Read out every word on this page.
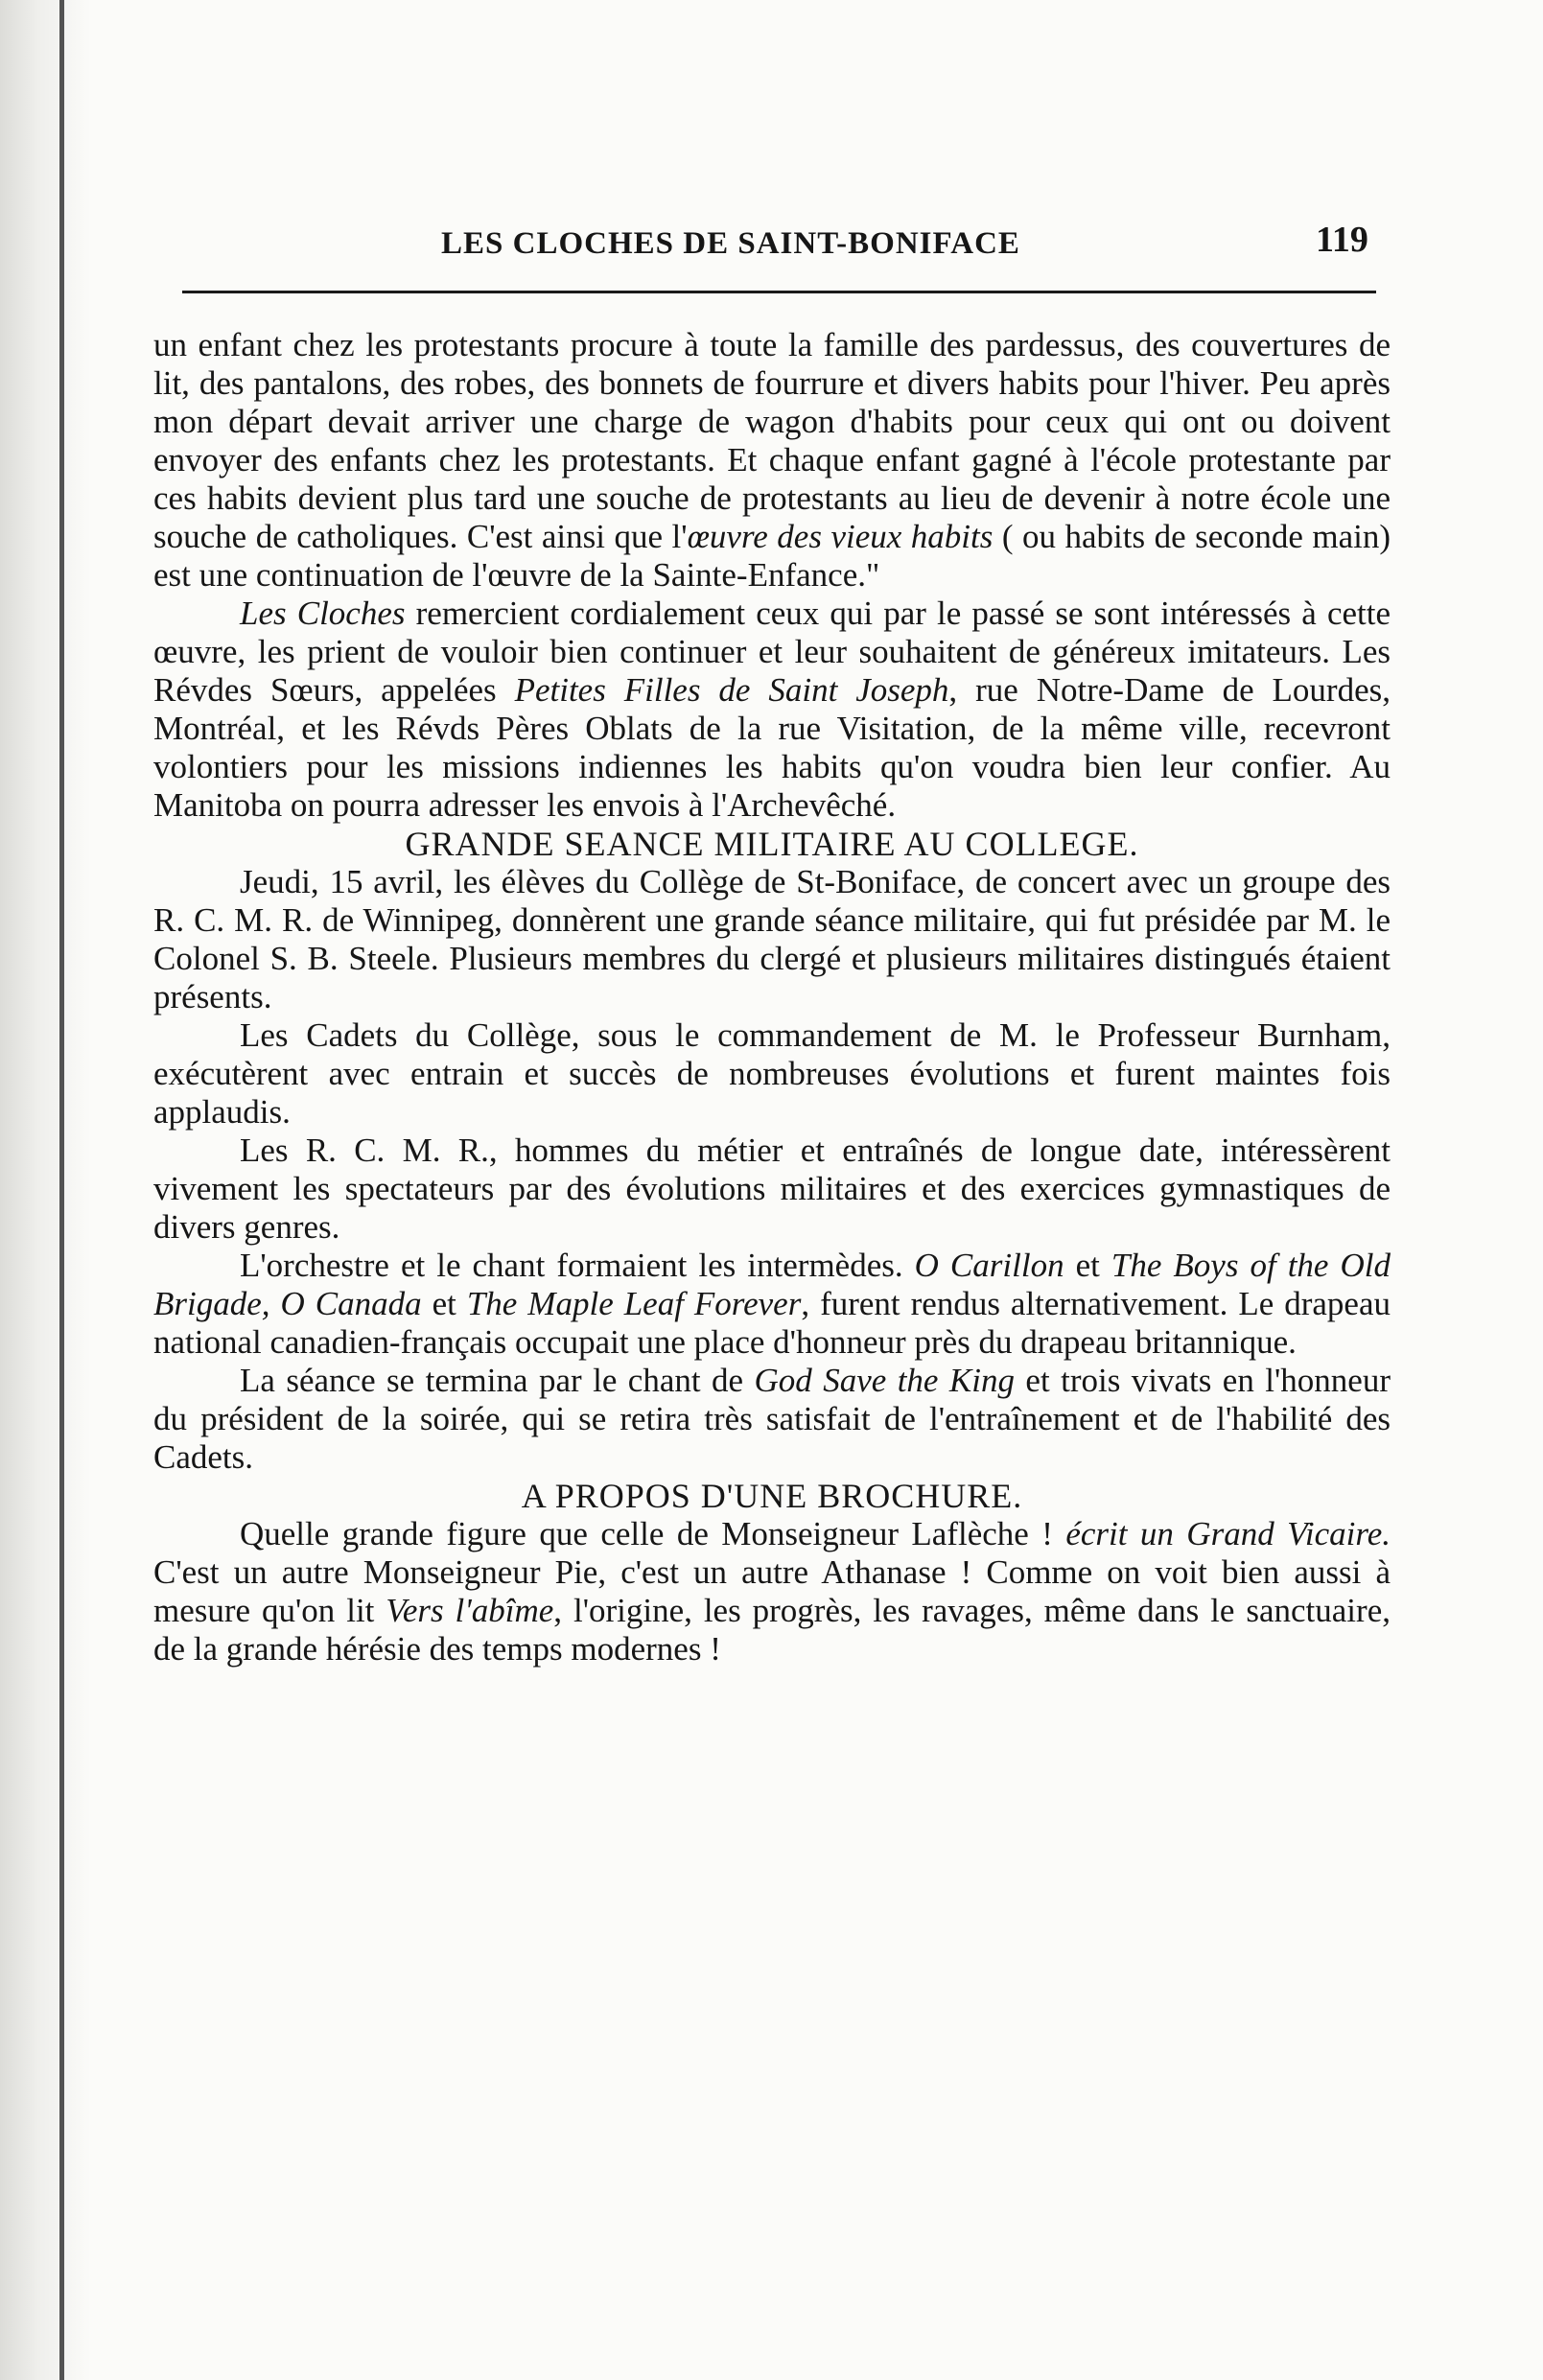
LES CLOCHES DE SAINT-BONIFACE	119

un enfant chez les protestants procure à toute la famille des pardessus, des couvertures de lit, des pantalons, des robes, des bonnets de fourrure et divers habits pour l'hiver. Peu après mon départ devait arriver une charge de wagon d'habits pour ceux qui ont ou doivent envoyer des enfants chez les protestants. Et chaque enfant gagné à l'école protestante par ces habits devient plus tard une souche de protestants au lieu de devenir à notre école une souche de catholiques. C'est ainsi que l'œuvre des vieux habits ( ou habits de seconde main) est une continuation de l'œuvre de la Sainte-Enfance."

Les Cloches remercient cordialement ceux qui par le passé se sont intéressés à cette œuvre, les prient de vouloir bien continuer et leur souhaitent de généreux imitateurs. Les Révdes Sœurs, appelées Petites Filles de Saint Joseph, rue Notre-Dame de Lourdes, Montréal, et les Révds Pères Oblats de la rue Visitation, de la même ville, recevront volontiers pour les missions indiennes les habits qu'on voudra bien leur confier. Au Manitoba on pourra adresser les envois à l'Archevêché.

GRANDE SEANCE MILITAIRE AU COLLEGE.

Jeudi, 15 avril, les élèves du Collège de St-Boniface, de concert avec un groupe des R. C. M. R. de Winnipeg, donnèrent une grande séance militaire, qui fut présidée par M. le Colonel S. B. Steele. Plusieurs membres du clergé et plusieurs militaires distingués étaient présents.

Les Cadets du Collège, sous le commandement de M. le Professeur Burnham, exécutèrent avec entrain et succès de nombreuses évolutions et furent maintes fois applaudis.

Les R. C. M. R., hommes du métier et entraînés de longue date, intéressèrent vivement les spectateurs par des évolutions militaires et des exercices gymnastiques de divers genres.

L'orchestre et le chant formaient les intermèdes. O Carillon et The Boys of the Old Brigade, O Canada et The Maple Leaf Forever, furent rendus alternativement. Le drapeau national canadien-français occupait une place d'honneur près du drapeau britannique.

La séance se termina par le chant de God Save the King et trois vivats en l'honneur du président de la soirée, qui se retira très satisfait de l'entraînement et de l'habilité des Cadets.

A PROPOS D'UNE BROCHURE.

Quelle grande figure que celle de Monseigneur Laflèche ! écrit un Grand Vicaire. C'est un autre Monseigneur Pie, c'est un autre Athanase ! Comme on voit bien aussi à mesure qu'on lit Vers l'abîme, l'origine, les progrès, les ravages, même dans le sanctuaire, de la grande hérésie des temps modernes !
